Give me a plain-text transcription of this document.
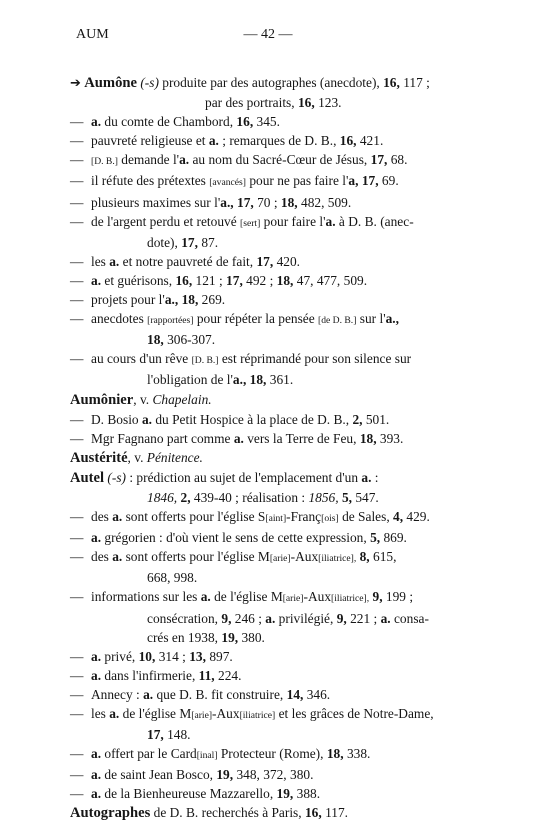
AUM	— 42 —
➔ Aumône (-s) produite par des autographes (anecdote), 16, 117 ;
par des portraits, 16, 123.
— a. du comte de Chambord, 16, 345.
— pauvreté religieuse et a. ; remarques de D. B., 16, 421.
— [D. B.] demande l'a. au nom du Sacré-Cœur de Jésus, 17, 68.
— il réfute des prétextes [avancés] pour ne pas faire l'a, 17, 69.
— plusieurs maximes sur l'a., 17, 70 ; 18, 482, 509.
— de l'argent perdu et retouvé [sert] pour faire l'a. à D. B. (anec-
dote), 17, 87.
— les a. et notre pauvreté de fait, 17, 420.
— a. et guérisons, 16, 121 ; 17, 492 ; 18, 47, 477, 509.
— projets pour l'a., 18, 269.
— anecdotes [rapportées] pour répéter la pensée [de D. B.] sur l'a.,
18, 306-307.
— au cours d'un rêve [D. B.] est réprimandé pour son silence sur
l'obligation de l'a., 18, 361.
Aumônier, v. Chapelain.
— D. Bosio a. du Petit Hospice à la place de D. B., 2, 501.
— Mgr Fagnano part comme a. vers la Terre de Feu, 18, 393.
Austérité, v. Pénitence.
Autel (-s) : prédiction au sujet de l'emplacement d'un a. :
1846, 2, 439-40 ; réalisation : 1856, 5, 547.
— des a. sont offerts pour l'église S[aint]-Franç[ois] de Sales, 4, 429.
— a. grégorien : d'où vient le sens de cette expression, 5, 869.
— des a. sont offerts pour l'église M[arie]-Aux[iliatrice], 8, 615,
668, 998.
— informations sur les a. de l'église M[arie]-Aux[iliatrice], 9, 199 ;
consécration, 9, 246 ; a. privilégié, 9, 221 ; a. consa-
crés en 1938, 19, 380.
— a. privé, 10, 314 ; 13, 897.
— a. dans l'infirmerie, 11, 224.
— Annecy : a. que D. B. fit construire, 14, 346.
— les a. de l'église M[arie]-Aux[iliatrice] et les grâces de Notre-Dame,
17, 148.
— a. offert par le Card[inal] Protecteur (Rome), 18, 338.
— a. de saint Jean Bosco, 19, 348, 372, 380.
— a. de la Bienheureuse Mazzarello, 19, 388.
Autographes de D. B. recherchés à Paris, 16, 117.
